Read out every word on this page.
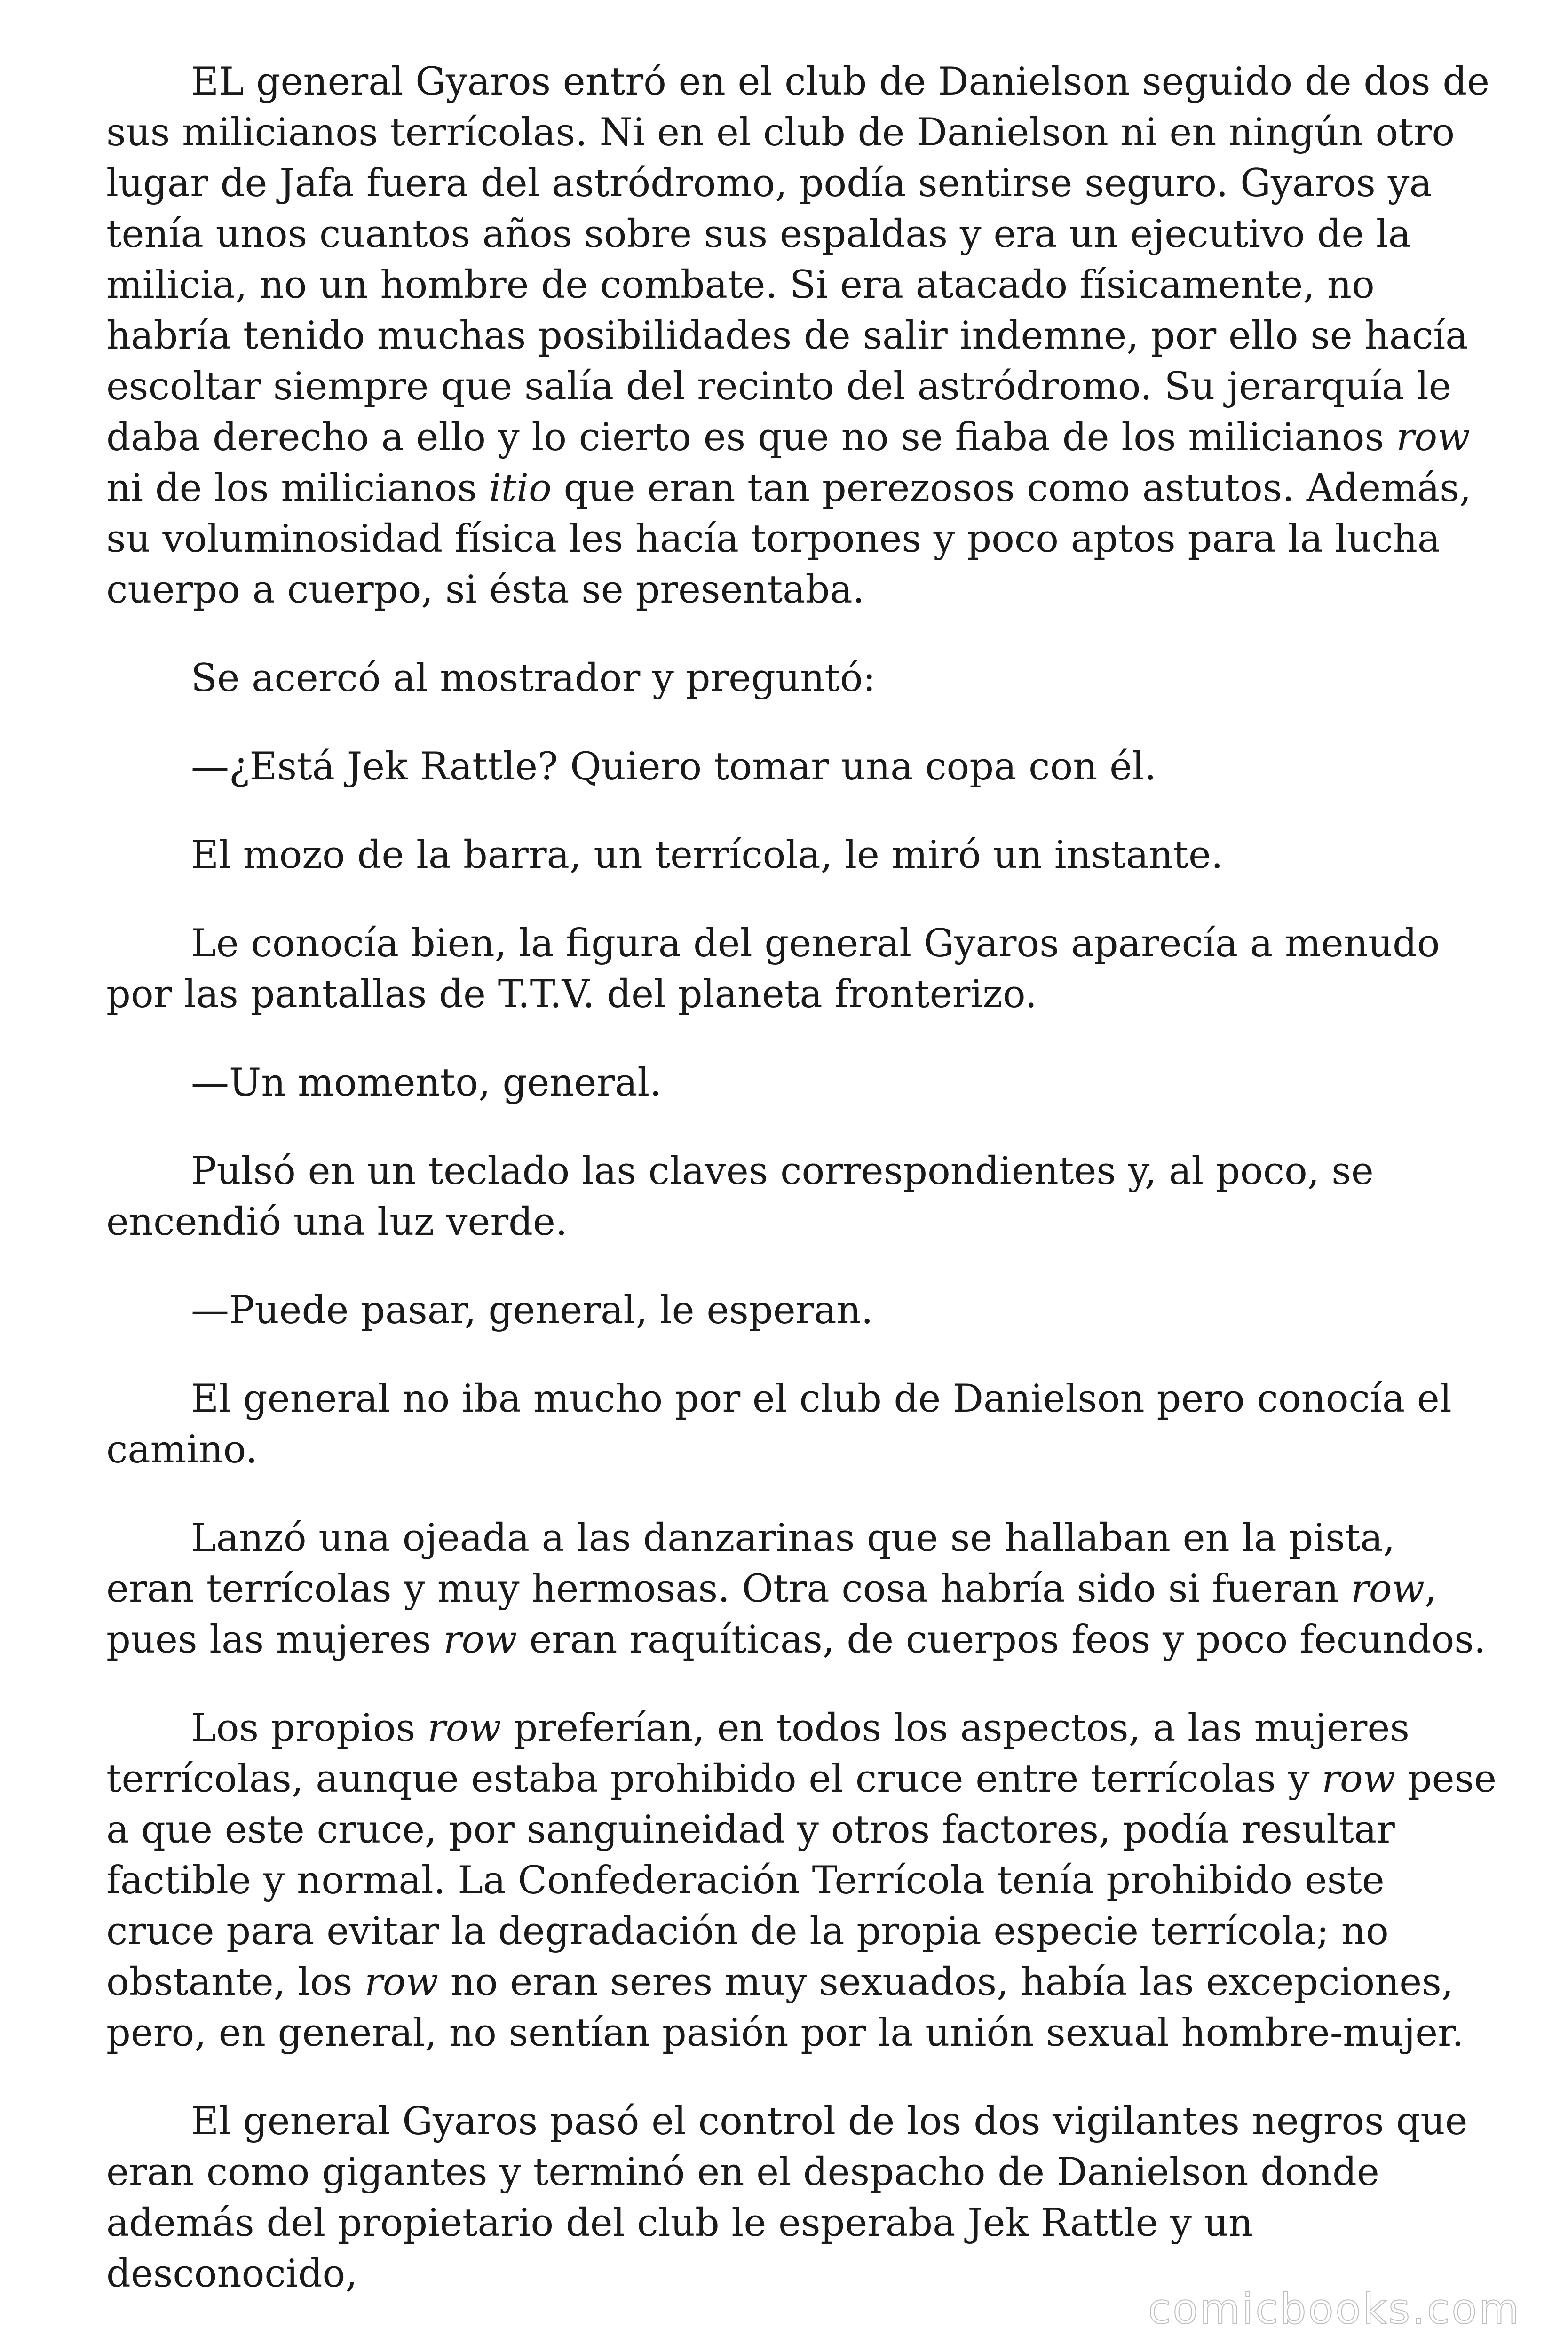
EL general Gyaros entró en el club de Danielson seguido de dos de
sus milicianos terrícolas. Ni en el club de Danielson ni en ningún otro
lugar de Jafa fuera del astródromo, podía sentirse seguro. Gyaros ya
tenía unos cuantos años sobre sus espaldas y era un ejecutivo de la
milicia, no un hombre de combate. Si era atacado físicamente, no
habría tenido muchas posibilidades de salir indemne, por ello se hacía
escoltar siempre que salía del recinto del astródromo. Su jerarquía le
daba derecho a ello y lo cierto es que no se fiaba de los milicianos row
ni de los milicianos itio que eran tan perezosos como astutos. Además,
su voluminosidad física les hacía torpones y poco aptos para la lucha
cuerpo a cuerpo, si ésta se presentaba.

Se acercó al mostrador y preguntó:

—¿Está Jek Rattle? Quiero tomar una copa con él.

El mozo de la barra, un terrícola, le miró un instante.

Le conocía bien, la figura del general Gyaros aparecía a menudo
por las pantallas de T.T.V. del planeta fronterizo.

—Un momento, general.

Pulsó en un teclado las claves correspondientes y, al poco, se
encendió una luz verde.

—Puede pasar, general, le esperan.

El general no iba mucho por el club de Danielson pero conocía el
camino.

Lanzó una ojeada a las danzarinas que se hallaban en la pista,
eran terrícolas y muy hermosas. Otra cosa habría sido si fueran row,
pues las mujeres row eran raquíticas, de cuerpos feos y poco fecundos.

Los propios row preferían, en todos los aspectos, a las mujeres
terrícolas, aunque estaba prohibido el cruce entre terrícolas y row pese
a que este cruce, por sanguineidad y otros factores, podía resultar
factible y normal. La Confederación Terrícola tenía prohibido este
cruce para evitar la degradación de la propia especie terrícola; no
obstante, los row no eran seres muy sexuados, había las excepciones,
pero, en general, no sentían pasión por la unión sexual hombre-mujer.

El general Gyaros pasó el control de los dos vigilantes negros que
eran como gigantes y terminó en el despacho de Danielson donde
además del propietario del club le esperaba Jek Rattle y un
desconocido,

comicbooks.com
